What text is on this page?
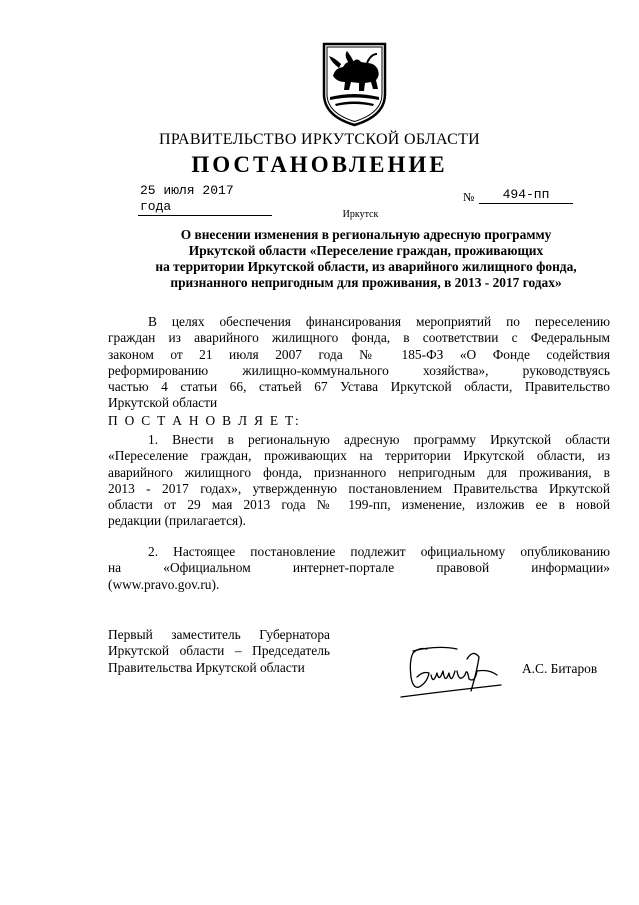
ПРАВИТЕЛЬСТВО ИРКУТСКОЙ ОБЛАСТИ
ПОСТАНОВЛЕНИЕ
25 июля 2017 года
№	494-пп
Иркутск
О внесении изменения в региональную адресную программу
Иркутской области «Переселение граждан, проживающих
на территории Иркутской области, из аварийного жилищного фонда,
признанного непригодным для проживания, в 2013 - 2017 годах»
В целях обеспечения финансирования мероприятий по переселению
граждан из аварийного жилищного фонда, в соответствии с Федеральным
законом от 21 июля 2007 года № 185-ФЗ «О Фонде содействия
реформированию жилищно-коммунального хозяйства», руководствуясь
частью 4 статьи 66, статьей 67 Устава Иркутской области, Правительство
Иркутской области
П О С Т А Н О В Л Я Е Т:
1. Внести в региональную адресную программу Иркутской области
«Переселение граждан, проживающих на территории Иркутской области, из
аварийного жилищного фонда, признанного непригодным для проживания, в
2013 - 2017 годах», утвержденную постановлением Правительства Иркутской
области от 29 мая 2013 года № 199-пп, изменение, изложив ее в новой
редакции (прилагается).
2. Настоящее постановление подлежит официальному опубликованию
на «Официальном интернет-портале правовой информации»
(www.pravo.gov.ru).
Первый заместитель Губернатора
Иркутской области – Председатель
Правительства Иркутской области	А.С. Битаров
